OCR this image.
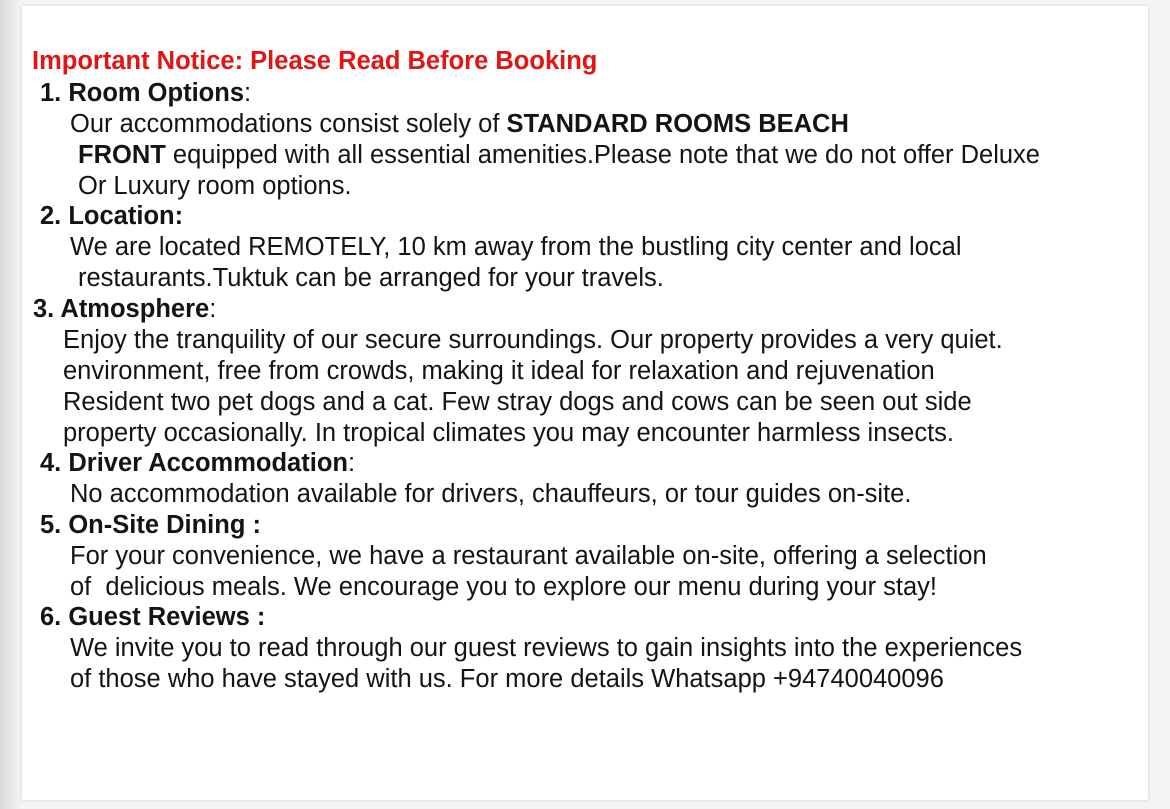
Important Notice: Please Read Before Booking
1. Room Options:
Our accommodations consist solely of STANDARD ROOMS BEACH
FRONT equipped with all essential amenities.Please note that we do not offer Deluxe
Or Luxury room options.
2. Location:
We are located REMOTELY, 10 km away from the bustling city center and local
restaurants.Tuktuk can be arranged for your travels.
3. Atmosphere:
Enjoy the tranquility of our secure surroundings. Our property provides a very quiet.
environment, free from crowds, making it ideal for relaxation and rejuvenation
Resident two pet dogs and a cat. Few stray dogs and cows can be seen out side
property occasionally. In tropical climates you may encounter harmless insects.
4. Driver Accommodation:
No accommodation available for drivers, chauffeurs, or tour guides on-site.
5. On-Site Dining :
For your convenience, we have a restaurant available on-site, offering a selection
of  delicious meals. We encourage you to explore our menu during your stay!
6. Guest Reviews :
We invite you to read through our guest reviews to gain insights into the experiences
of those who have stayed with us. For more details Whatsapp +94740040096
